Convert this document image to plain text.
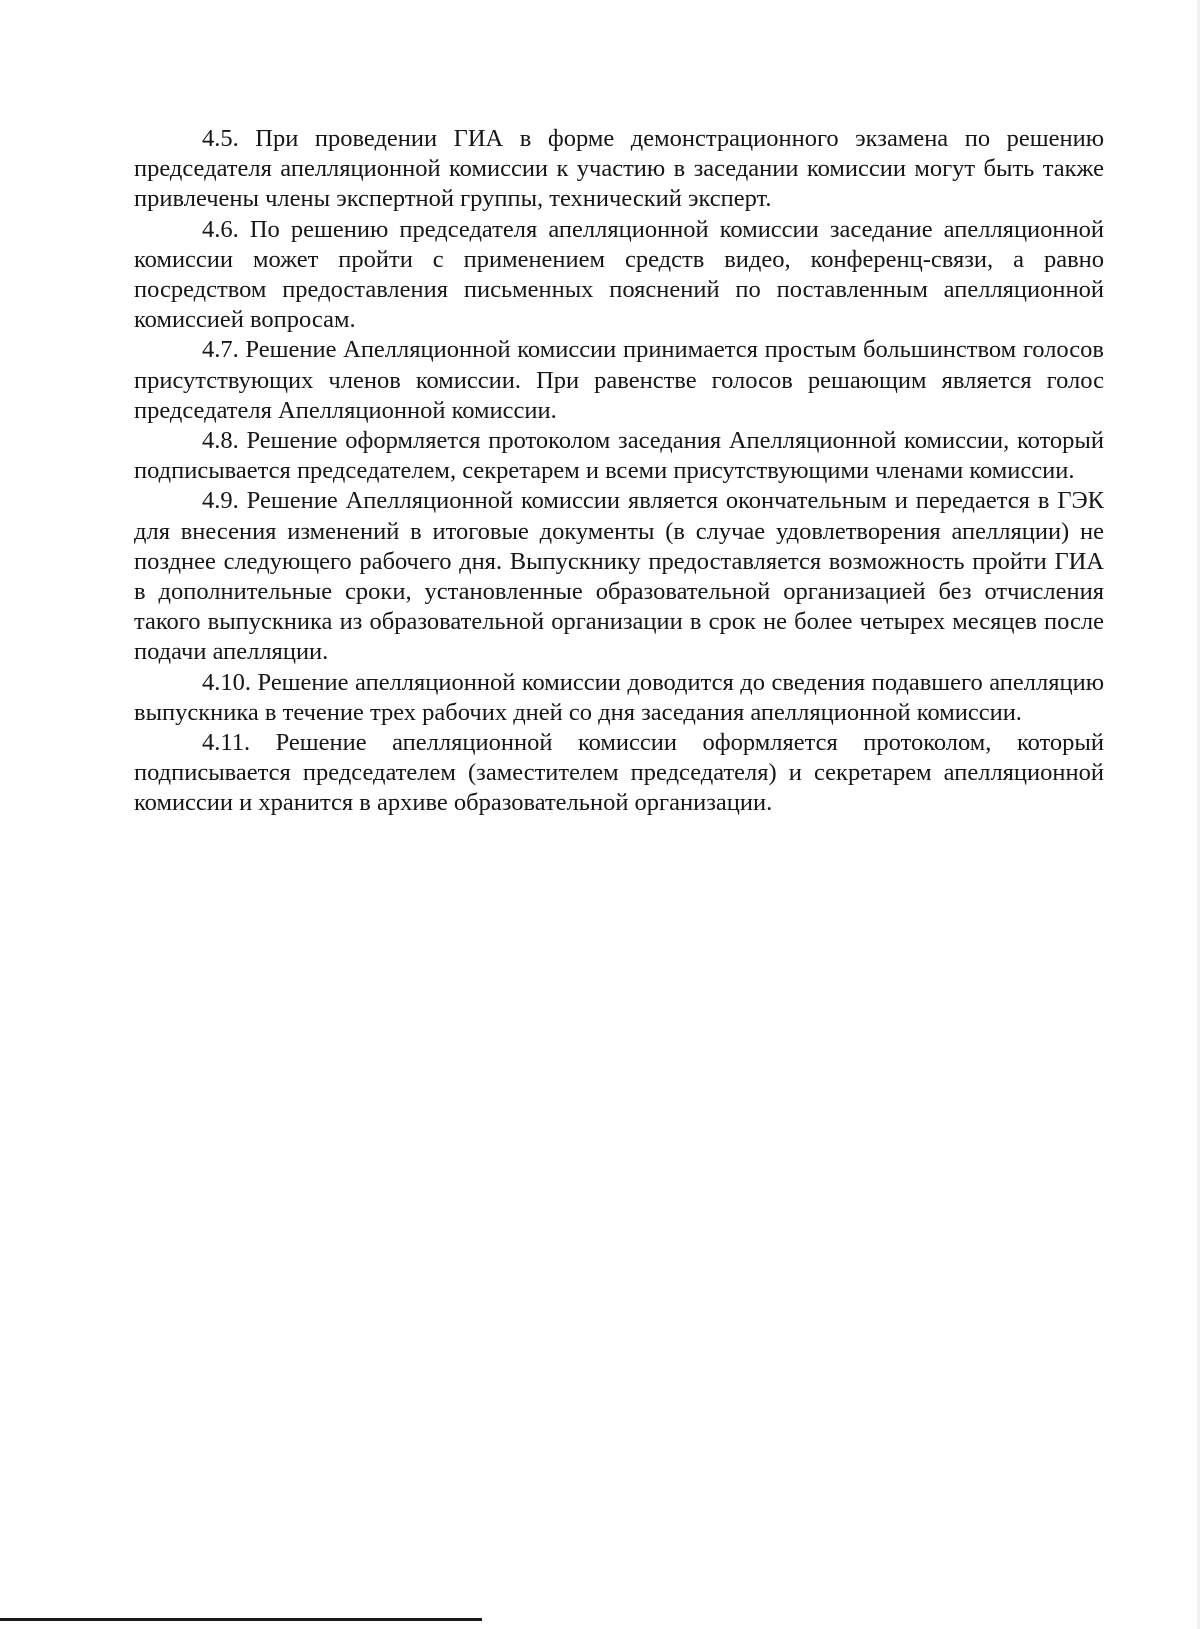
4.5. При проведении ГИА в форме демонстрационного экзамена по решению председателя апелляционной комиссии к участию в заседании комиссии могут быть также привлечены члены экспертной группы, технический эксперт.

4.6. По решению председателя апелляционной комиссии заседание апелляционной комиссии может пройти с применением средств видео, конференц-связи, а равно посредством предоставления письменных пояснений по поставленным апелляционной комиссией вопросам.

4.7. Решение Апелляционной комиссии принимается простым большинством голосов присутствующих членов комиссии. При равенстве голосов решающим является голос председателя Апелляционной комиссии.

4.8. Решение оформляется протоколом заседания Апелляционной комиссии, который подписывается председателем, секретарем и всеми присутствующими членами комиссии.

4.9. Решение Апелляционной комиссии является окончательным и передается в ГЭК для внесения изменений в итоговые документы (в случае удовлетворения апелляции) не позднее следующего рабочего дня. Выпускнику предоставляется возможность пройти ГИА в дополнительные сроки, установленные образовательной организацией без отчисления такого выпускника из образовательной организации в срок не более четырех месяцев после подачи апелляции.

4.10. Решение апелляционной комиссии доводится до сведения подавшего апелляцию выпускника в течение трех рабочих дней со дня заседания апелляционной комиссии.

4.11. Решение апелляционной комиссии оформляется протоколом, который подписывается председателем (заместителем председателя) и секретарем апелляционной комиссии и хранится в архиве образовательной организации.
